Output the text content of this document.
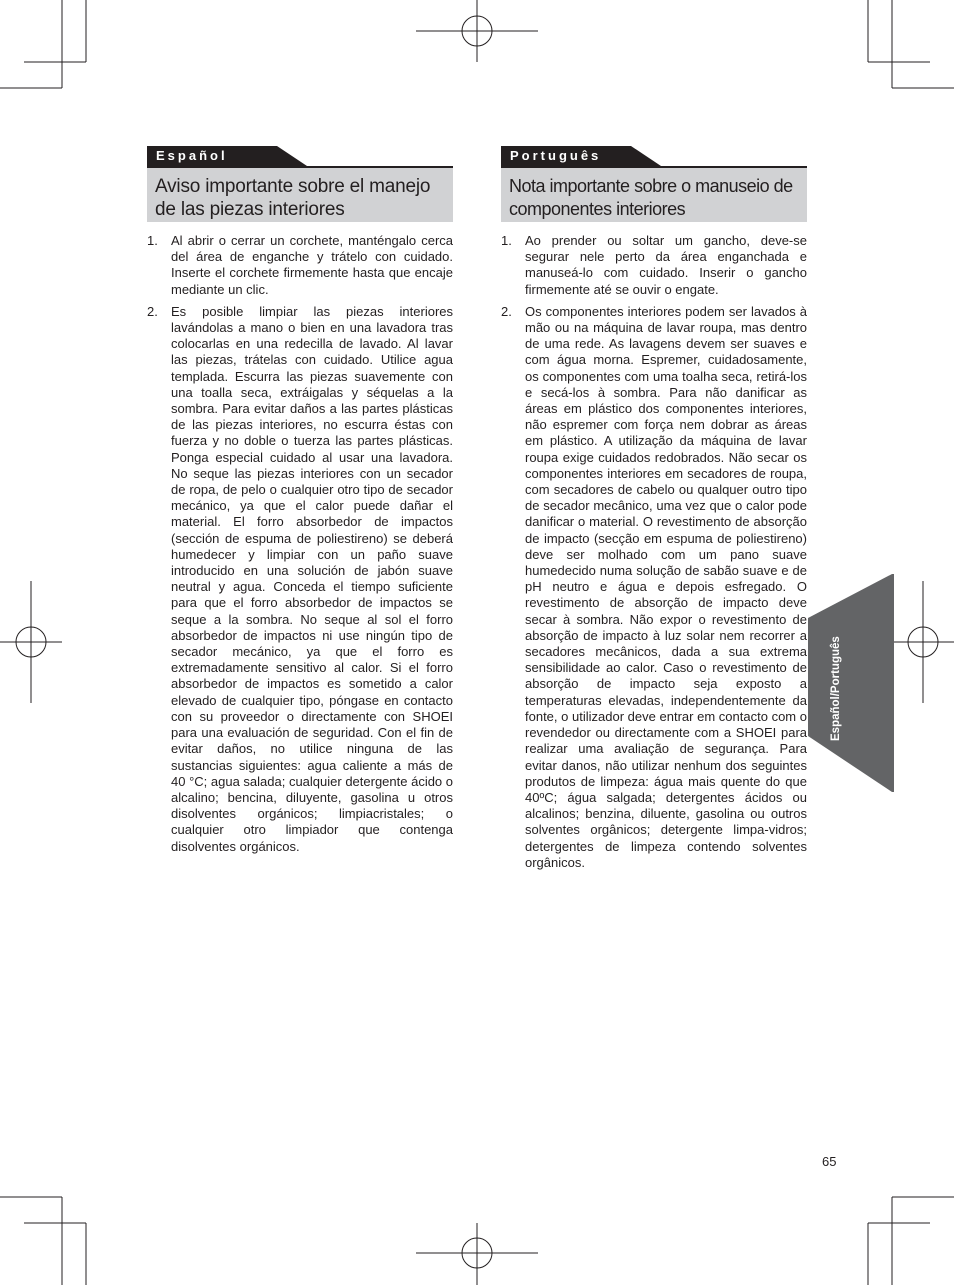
Español
Aviso importante sobre el manejo de las piezas interiores
1. Al abrir o cerrar un corchete, manténgalo cerca del área de enganche y trátelo con cuidado. Inserte el corchete firmemente hasta que encaje mediante un clic.
2. Es posible limpiar las piezas interiores lavándolas a mano o bien en una lavadora tras colocarlas en una redecilla de lavado. Al lavar las piezas, trátelas con cuidado. Utilice agua templada. Escurra las piezas suavemente con una toalla seca, extráigalas y séquelas a la sombra. Para evitar daños a las partes plásticas de las piezas interiores, no escurra éstas con fuerza y no doble o tuerza las partes plásticas. Ponga especial cuidado al usar una lavadora. No seque las piezas interiores con un secador de ropa, de pelo o cualquier otro tipo de secador mecánico, ya que el calor puede dañar el material. El forro absorbedor de impactos (sección de espuma de poliestireno) se deberá humedecer y limpiar con un paño suave introducido en una solución de jabón suave neutral y agua. Conceda el tiempo suficiente para que el forro absorbedor de impactos se seque a la sombra. No seque al sol el forro absorbedor de impactos ni use ningún tipo de secador mecánico, ya que el forro es extremadamente sensitivo al calor. Si el forro absorbedor de impactos es sometido a calor elevado de cualquier tipo, póngase en contacto con su proveedor o directamente con SHOEI para una evaluación de seguridad. Con el fin de evitar daños, no utilice ninguna de las sustancias siguientes: agua caliente a más de 40 °C; agua salada; cualquier detergente ácido o alcalino; bencina, diluyente, gasolina u otros disolventes orgánicos; limpiacristales; o cualquier otro limpiador que contenga disolventes orgánicos.
Português
Nota importante sobre o manuseio de componentes interiores
1. Ao prender ou soltar um gancho, deve-se segurar nele perto da área enganchada e manuseá-lo com cuidado. Inserir o gancho firmemente até se ouvir o engate.
2. Os componentes interiores podem ser lavados à mão ou na máquina de lavar roupa, mas dentro de uma rede. As lavagens devem ser suaves e com água morna. Espremer, cuidadosamente, os componentes com uma toalha seca, retirá-los e secá-los à sombra. Para não danificar as áreas em plástico dos componentes interiores, não espremer com força nem dobrar as áreas em plástico. A utilização da máquina de lavar roupa exige cuidados redobrados. Não secar os componentes interiores em secadores de roupa, com secadores de cabelo ou qualquer outro tipo de secador mecânico, uma vez que o calor pode danificar o material. O revestimento de absorção de impacto (secção em espuma de poliestireno) deve ser molhado com um pano suave humedecido numa solução de sabão suave e de pH neutro e água e depois esfregado. O revestimento de absorção de impacto deve secar à sombra. Não expor o revestimento de absorção de impacto à luz solar nem recorrer a secadores mecânicos, dada a sua extrema sensibilidade ao calor. Caso o revestimento de absorção de impacto seja exposto a temperaturas elevadas, independentemente da fonte, o utilizador deve entrar em contacto com o revendedor ou directamente com a SHOEI para realizar uma avaliação de segurança. Para evitar danos, não utilizar nenhum dos seguintes produtos de limpeza: água mais quente do que 40ºC; água salgada; detergentes ácidos ou alcalinos; benzina, diluente, gasolina ou outros solventes orgânicos; detergente limpa-vidros; detergentes de limpeza contendo solventes orgânicos.
Español/Português
65
